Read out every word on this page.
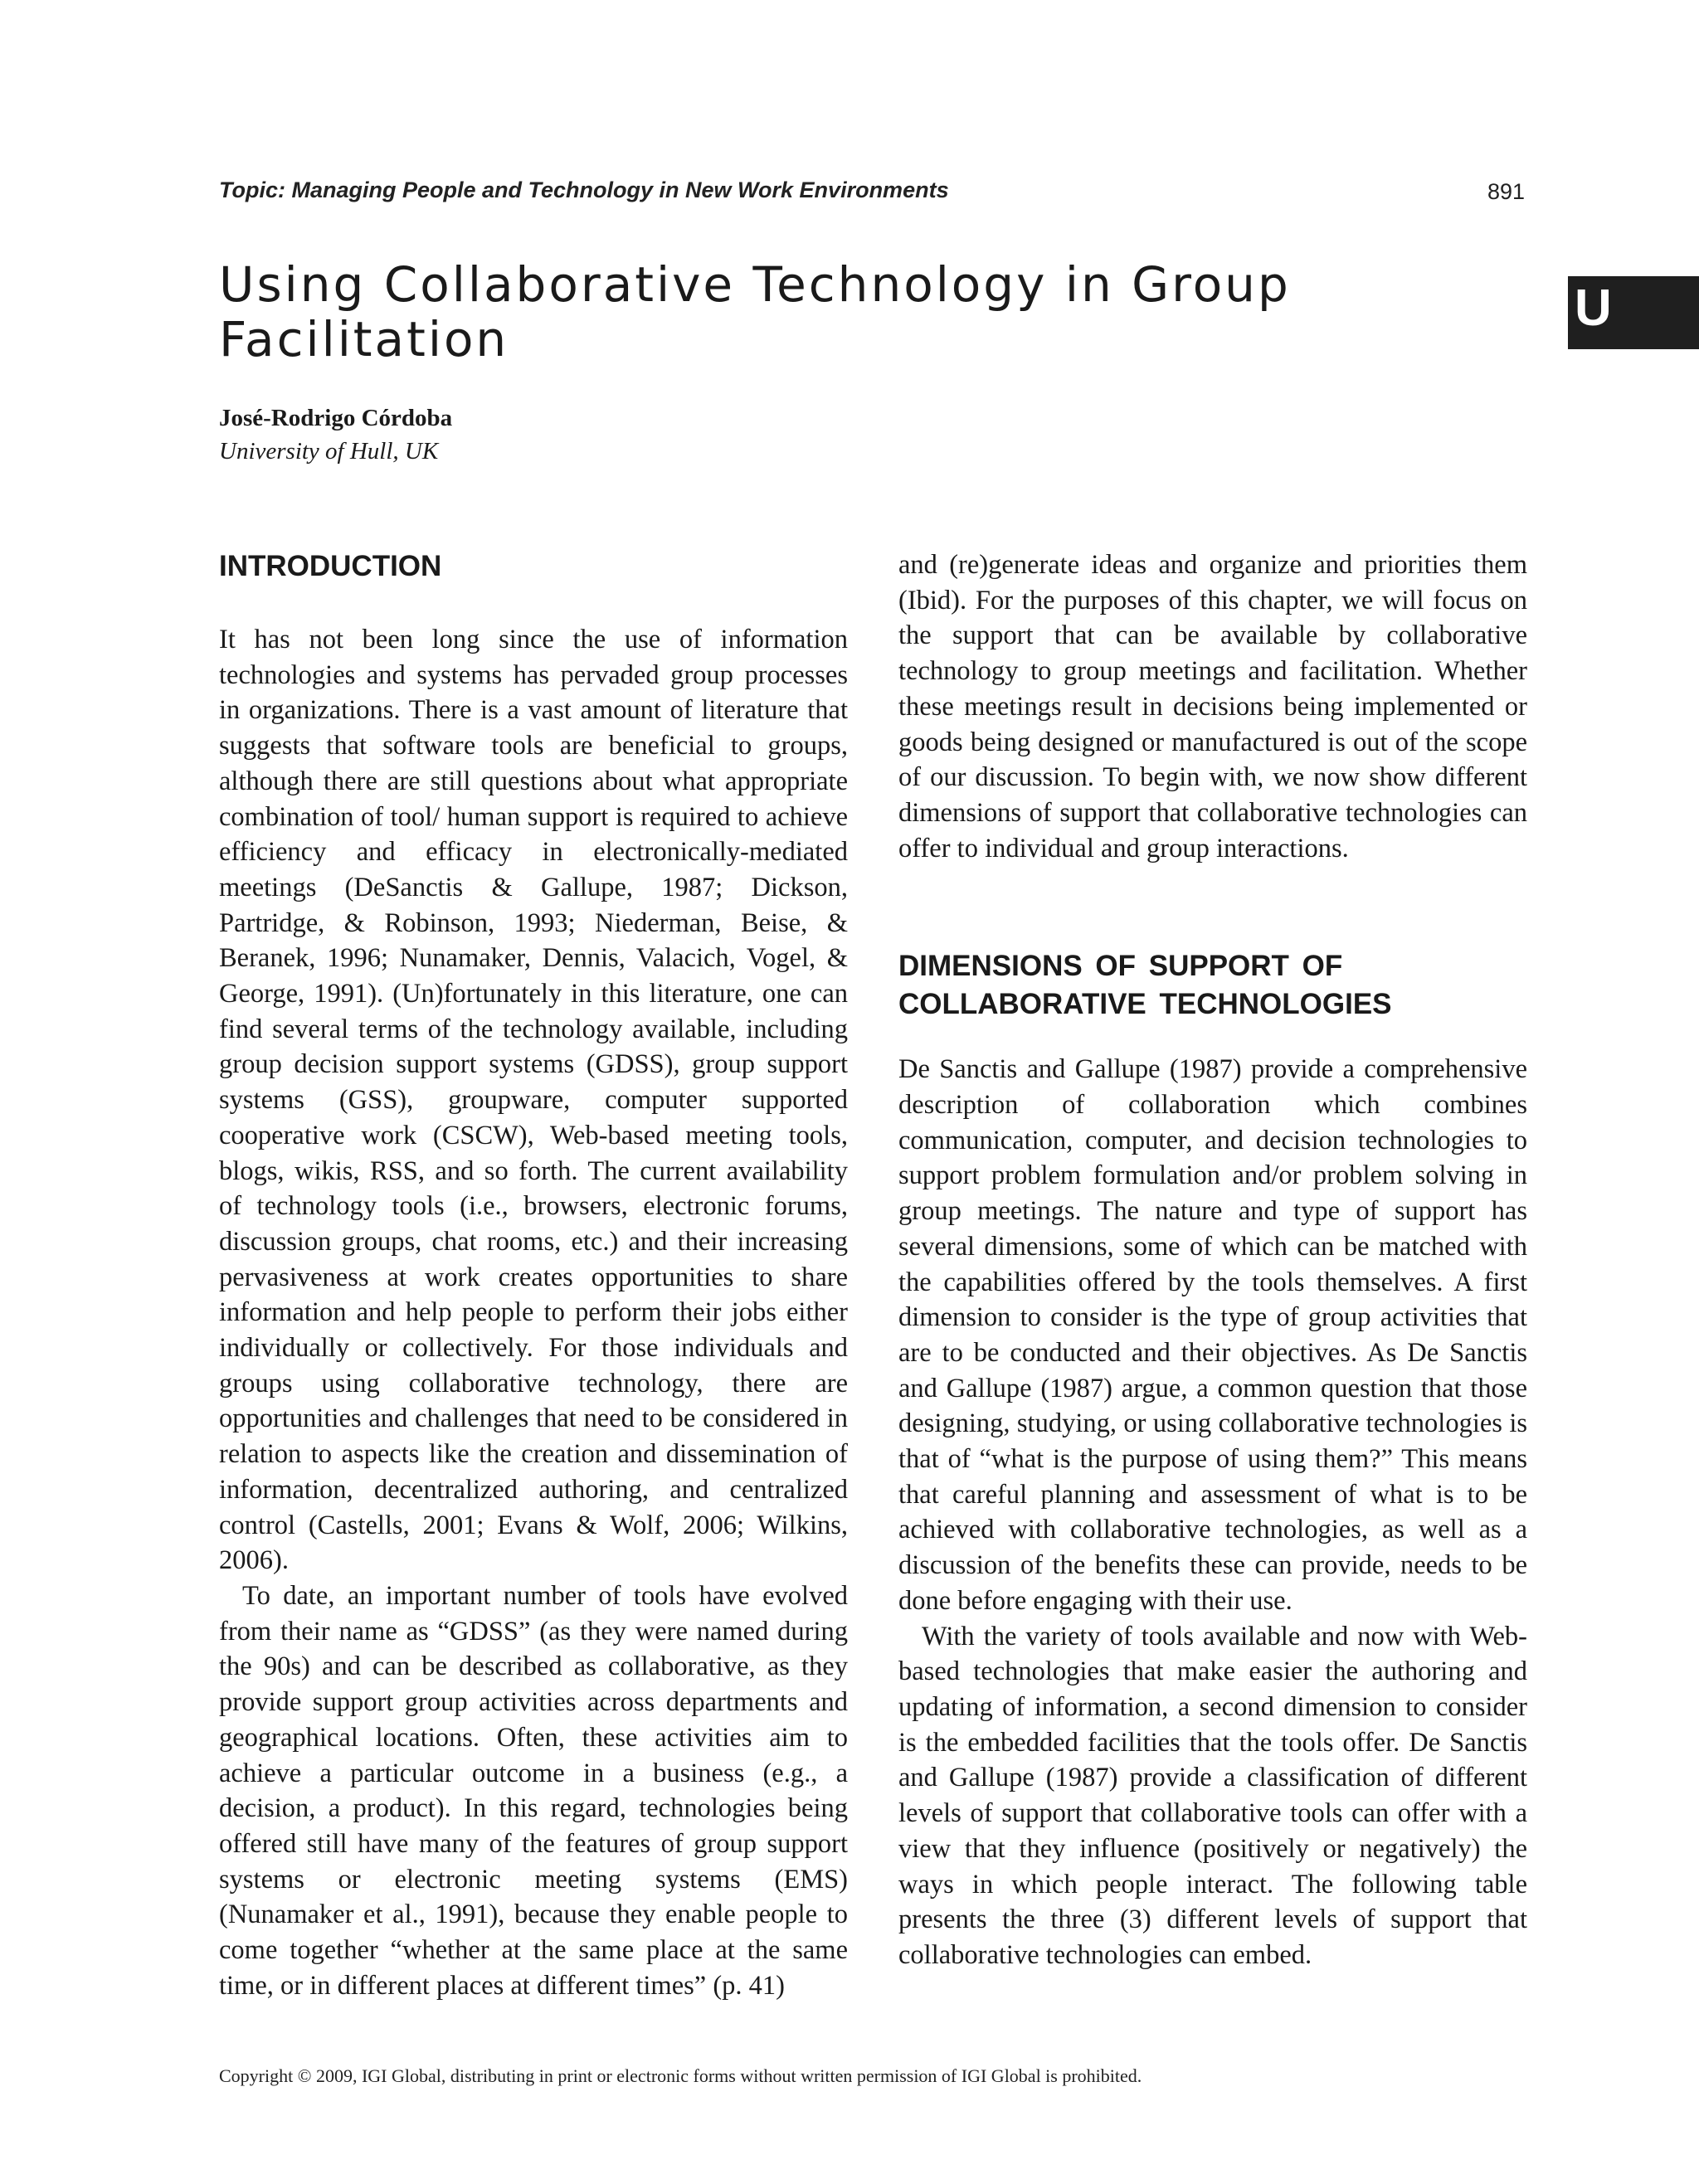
Topic: Managing People and Technology in New Work Environments	891
Using Collaborative Technology in Group Facilitation
U
José-Rodrigo Córdoba
University of Hull, UK
INTRODUCTION

It has not been long since the use of information technologies and systems has pervaded group processes in organizations. There is a vast amount of literature that suggests that software tools are beneficial to groups, although there are still questions about what appropriate combination of tool/ human support is required to achieve efficiency and efficacy in electronically-mediated meetings (DeSanctis & Gallupe, 1987; Dickson, Partridge, & Robinson, 1993; Niederman, Beise, & Beranek, 1996; Nunamaker, Dennis, Valacich, Vogel, & George, 1991). (Un)fortunately in this literature, one can find several terms of the technology available, including group decision support systems (GDSS), group support systems (GSS), groupware, computer supported cooperative work (CSCW), Web-based meeting tools, blogs, wikis, RSS, and so forth. The current availability of technology tools (i.e., browsers, electronic forums, discussion groups, chat rooms, etc.) and their increasing pervasiveness at work creates opportunities to share information and help people to perform their jobs either individually or collectively. For those individuals and groups using collaborative technology, there are opportunities and challenges that need to be considered in relation to aspects like the creation and dissemination of information, decentralized authoring, and centralized control (Castells, 2001; Evans & Wolf, 2006; Wilkins, 2006).

To date, an important number of tools have evolved from their name as “GDSS” (as they were named during the 90s) and can be described as collaborative, as they provide support group activities across departments and geographical locations. Often, these activities aim to achieve a particular outcome in a business (e.g., a decision, a product). In this regard, technologies being offered still have many of the features of group support systems or electronic meeting systems (EMS) (Nunamaker et al., 1991), because they enable people to come together “whether at the same place at the same time, or in different places at different times” (p. 41)

and (re)generate ideas and organize and priorities them (Ibid). For the purposes of this chapter, we will focus on the support that can be available by collaborative technology to group meetings and facilitation. Whether these meetings result in decisions being implemented or goods being designed or manufactured is out of the scope of our discussion. To begin with, we now show different dimensions of support that collaborative technologies can offer to individual and group interactions.

DIMENSIONS OF SUPPORT OF COLLABORATIVE TECHNOLOGIES

De Sanctis and Gallupe (1987) provide a comprehensive description of collaboration which combines communication, computer, and decision technologies to support problem formulation and/or problem solving in group meetings. The nature and type of support has several dimensions, some of which can be matched with the capabilities offered by the tools themselves. A first dimension to consider is the type of group activities that are to be conducted and their objectives. As De Sanctis and Gallupe (1987) argue, a common question that those designing, studying, or using collaborative technologies is that of “what is the purpose of using them?” This means that careful planning and assessment of what is to be achieved with collaborative technologies, as well as a discussion of the benefits these can provide, needs to be done before engaging with their use.

With the variety of tools available and now with Web-based technologies that make easier the authoring and updating of information, a second dimension to consider is the embedded facilities that the tools offer. De Sanctis and Gallupe (1987) provide a classification of different levels of support that collaborative tools can offer with a view that they influence (positively or negatively) the ways in which people interact. The following table presents the three (3) different levels of support that collaborative technologies can embed.

Copyright © 2009, IGI Global, distributing in print or electronic forms without written permission of IGI Global is prohibited.
